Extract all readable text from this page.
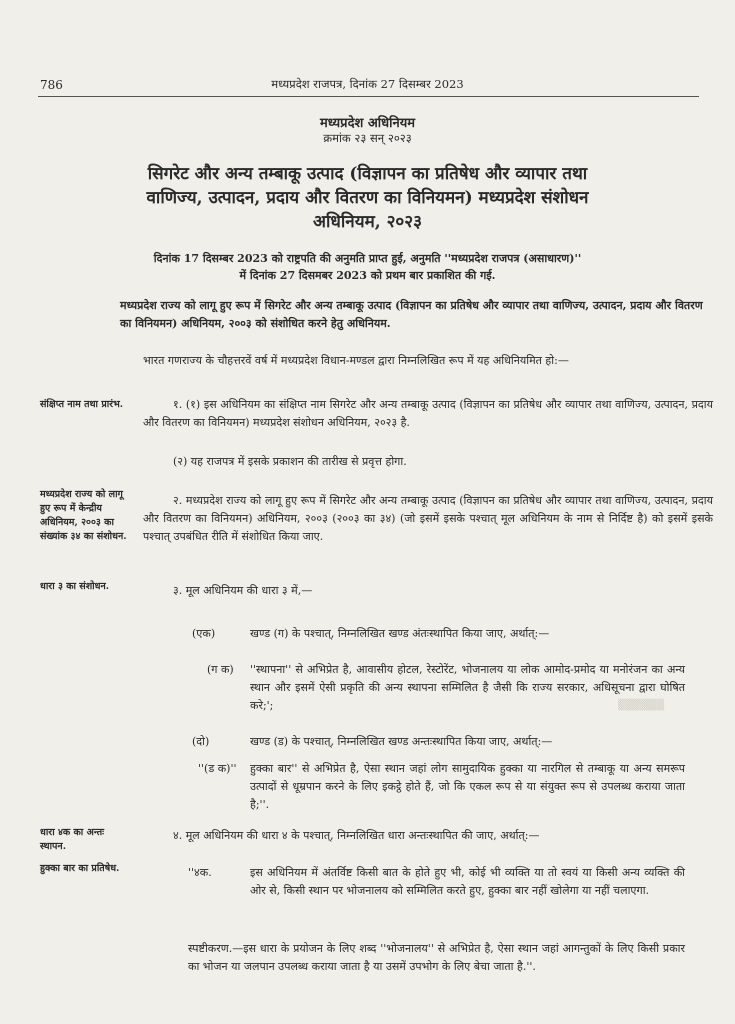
786	मध्यप्रदेश राजपत्र, दिनांक 27 दिसम्बर 2023
मध्यप्रदेश अधिनियम
क्रमांक २३ सन् २०२३
सिगरेट और अन्य तम्बाकू उत्पाद (विज्ञापन का प्रतिषेध और व्यापार तथा
वाणिज्य, उत्पादन, प्रदाय और वितरण का विनियमन) मध्यप्रदेश संशोधन
अधिनियम, २०२३
दिनांक 17 दिसम्बर 2023 को राष्ट्रपति की अनुमति प्राप्त हुई, अनुमति ''मध्यप्रदेश राजपत्र (असाधारण)''
में दिनांक 27 दिसमबर 2023 को प्रथम बार प्रकाशित की गई.
मध्यप्रदेश राज्य को लागू हुए रूप में सिगरेट और अन्य तम्बाकू उत्पाद (विज्ञापन का प्रतिषेध और व्यापार तथा वाणिज्य, उत्पादन, प्रदाय और वितरण का विनियमन) अधिनियम, २००३ को संशोधित करने हेतु अधिनियम.
भारत गणराज्य के चौहत्तरवें वर्ष में मध्यप्रदेश विधान-मण्डल द्वारा निम्नलिखित रूप में यह अधिनियमित हो:—
संक्षिप्त नाम तथा प्रारंभ.	१. (१) इस अधिनियम का संक्षिप्त नाम सिगरेट और अन्य तम्बाकू उत्पाद (विज्ञापन का प्रतिषेध और व्यापार तथा वाणिज्य, उत्पादन, प्रदाय और वितरण का विनियमन) मध्यप्रदेश संशोधन अधिनियम, २०२३ है.
(२) यह राजपत्र में इसके प्रकाशन की तारीख से प्रवृत्त होगा.
मध्यप्रदेश राज्य को लागू हुए रूप में केन्द्रीय अधिनियम, २००३ का संख्यांक ३४ का संशोधन.
२. मध्यप्रदेश राज्य को लागू हुए रूप में सिगरेट और अन्य तम्बाकू उत्पाद (विज्ञापन का प्रतिषेध और व्यापार तथा वाणिज्य, उत्पादन, प्रदाय और वितरण का विनियमन) अधिनियम, २००३ (२००३ का ३४) (जो इसमें इसके पश्चात् मूल अधिनियम के नाम से निर्दिष्ट है) को इसमें इसके पश्चात् उपबंधित रीति में संशोधित किया जाए.
धारा ३ का संशोधन.	३. मूल अधिनियम की धारा ३ में,—
(एक)	खण्ड (ग) के पश्चात्, निम्नलिखित खण्ड अंतःस्थापित किया जाए, अर्थात्:—
(ग क) ''स्थापना'' से अभिप्रेत है, आवासीय होटल, रेस्टोरेंट, भोजनालय या लोक आमोद-प्रमोद या मनोरंजन का अन्य स्थान और इसमें ऐसी प्रकृति की अन्य स्थापना सम्मिलित है जैसी कि राज्य सरकार, अधिसूचना द्वारा घोषित करे;';	▒▒▒▒▒▒
(दो)	खण्ड (ड) के पश्चात्, निम्नलिखित खण्ड अन्तःस्थापित किया जाए, अर्थात्:—
''(ड क)'' हुक्का बार'' से अभिप्रेत है, ऐसा स्थान जहां लोग सामुदायिक हुक्का या नारगिल से तम्बाकू या अन्य समरूप उत्पादों से धूम्रपान करने के लिए इकट्ठे होते हैं, जो कि एकल रूप से या संयुक्त रूप से उपलब्ध कराया जाता है;''.
धारा ४क का अन्तः स्थापन.
४. मूल अधिनियम की धारा ४ के पश्चात्, निम्नलिखित धारा अन्तःस्थापित की जाए, अर्थात्:—
हुक्का बार का प्रतिषेध.	''४क.	इस अधिनियम में अंतर्विष्ट किसी बात के होते हुए भी, कोई भी व्यक्ति या तो स्वयं या किसी अन्य व्यक्ति की ओर से, किसी स्थान पर भोजनालय को सम्मिलित करते हुए, हुक्का बार नहीं खोलेगा या नहीं चलाएगा.
स्पष्टीकरण.—इस धारा के प्रयोजन के लिए शब्द ''भोजनालय'' से अभिप्रेत है, ऐसा स्थान जहां आगन्तुकों के लिए किसी प्रकार का भोजन या जलपान उपलब्ध कराया जाता है या उसमें उपभोग के लिए बेचा जाता है.''.
